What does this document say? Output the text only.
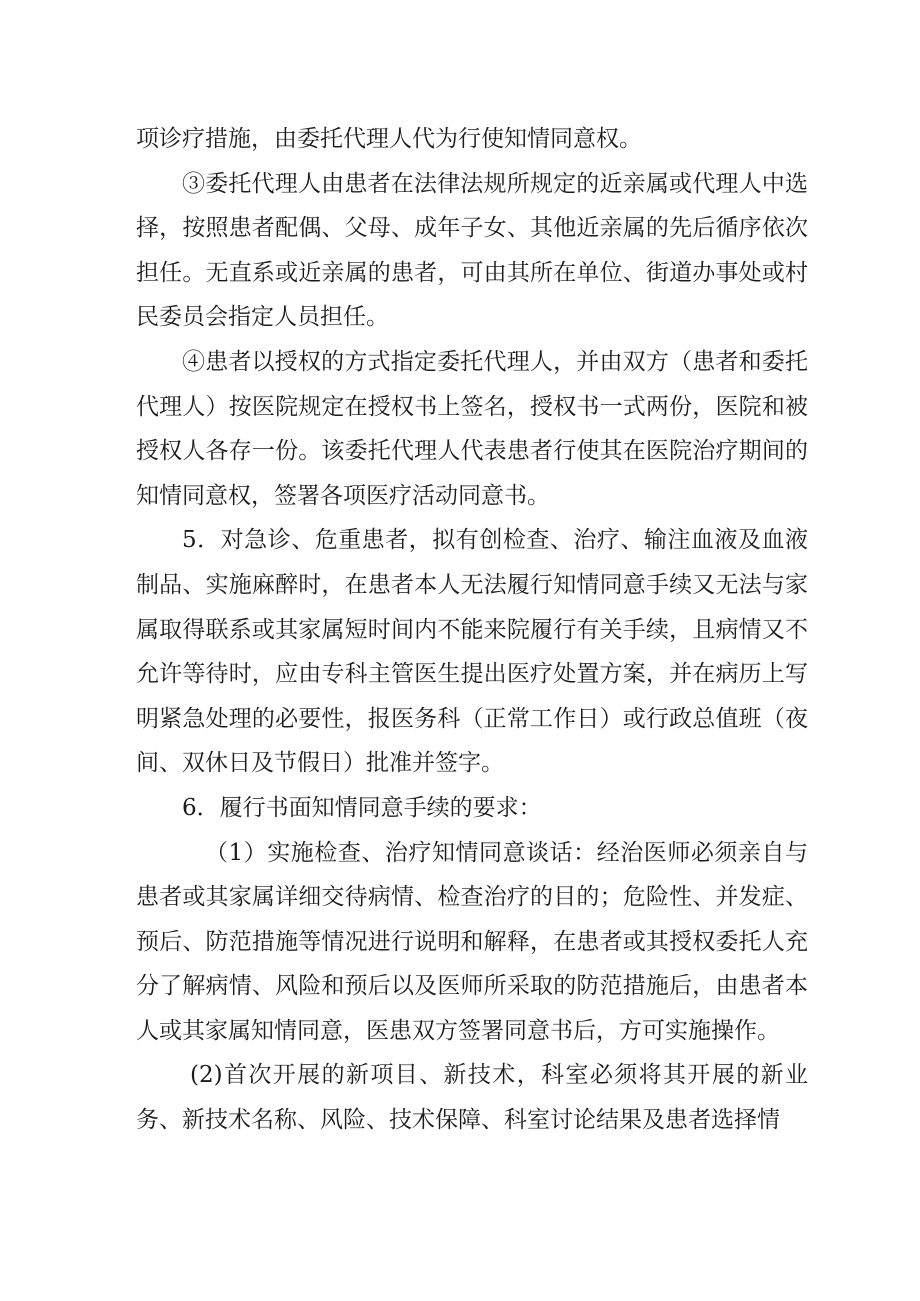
项诊疗措施，由委托代理人代为行使知情同意权。

③委托代理人由患者在法律法规所规定的近亲属或代理人中选择，按照患者配偶、父母、成年子女、其他近亲属的先后循序依次担任。无直系或近亲属的患者，可由其所在单位、街道办事处或村民委员会指定人员担任。

④患者以授权的方式指定委托代理人，并由双方（患者和委托代理人）按医院规定在授权书上签名，授权书一式两份，医院和被授权人各存一份。该委托代理人代表患者行使其在医院治疗期间的知情同意权，签署各项医疗活动同意书。

5．对急诊、危重患者，拟有创检查、治疗、输注血液及血液制品、实施麻醉时，在患者本人无法履行知情同意手续又无法与家属取得联系或其家属短时间内不能来院履行有关手续，且病情又不允许等待时，应由专科主管医生提出医疗处置方案，并在病历上写明紧急处理的必要性，报医务科（正常工作日）或行政总值班（夜间、双休日及节假日）批准并签字。

6．履行书面知情同意手续的要求：

（1）实施检查、治疗知情同意谈话：经治医师必须亲自与患者或其家属详细交待病情、检查治疗的目的；危险性、并发症、预后、防范措施等情况进行说明和解释，在患者或其授权委托人充分了解病情、风险和预后以及医师所采取的防范措施后，由患者本人或其家属知情同意，医患双方签署同意书后，方可实施操作。

(2)首次开展的新项目、新技术，科室必须将其开展的新业务、新技术名称、风险、技术保障、科室讨论结果及患者选择情
